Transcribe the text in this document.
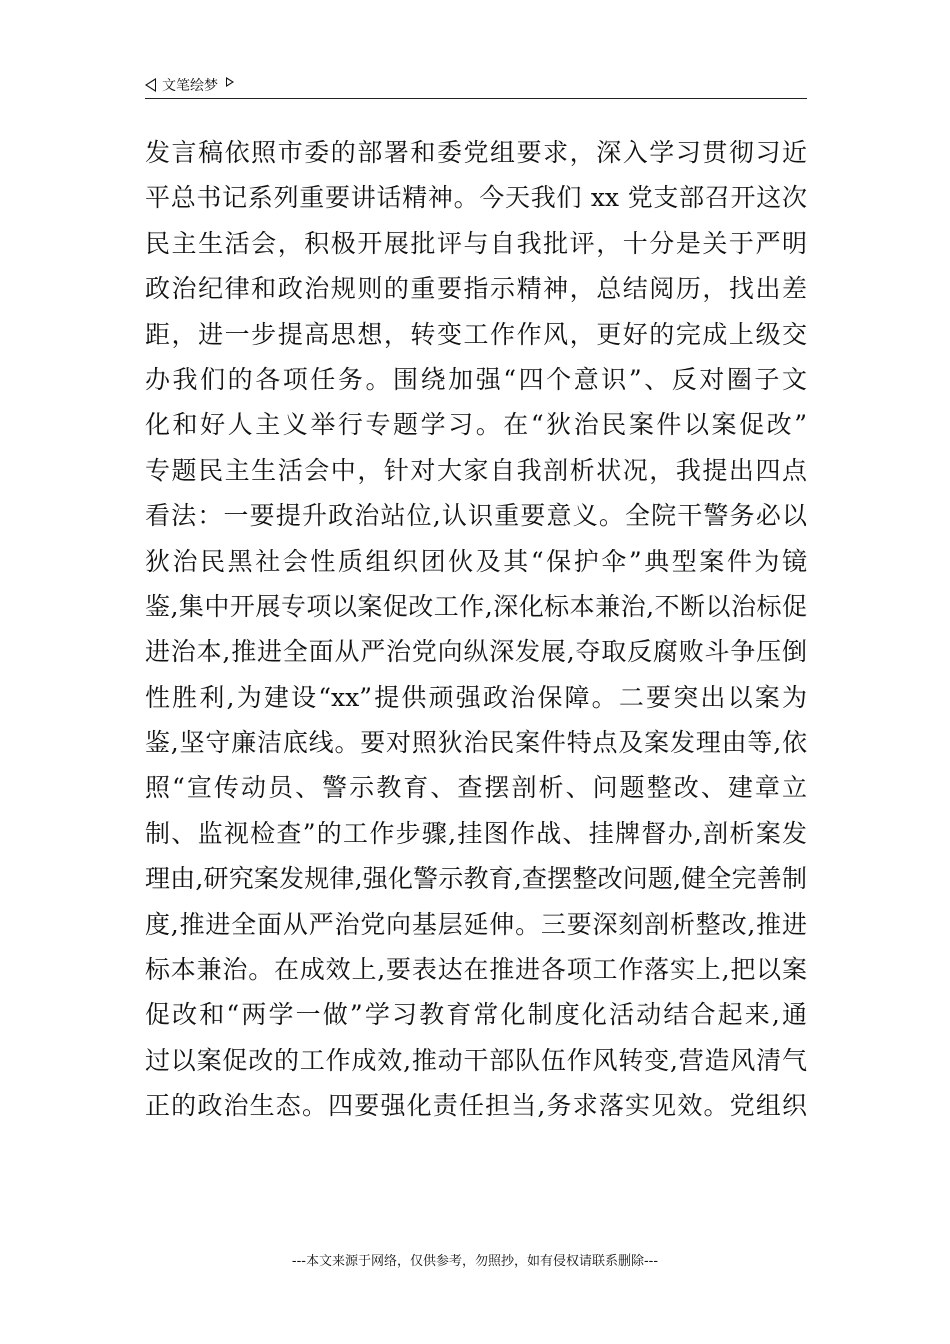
文笔绘梦
发言稿依照市委的部署和委党组要求，深入学习贯彻习近
平总书记系列重要讲话精神。今天我们 xx 党支部召开这次
民主生活会，积极开展批评与自我批评，十分是关于严明
政治纪律和政治规则的重要指示精神，总结阅历，找出差
距，进一步提高思想，转变工作作风，更好的完成上级交
办我们的各项任务。围绕加强“四个意识”、反对圈子文
化和好人主义举行专题学习。在“狄治民案件以案促改”
专题民主生活会中，针对大家自我剖析状况，我提出四点
看法：一要提升政治站位,认识重要意义。全院干警务必以
狄治民黑社会性质组织团伙及其“保护伞”典型案件为镜
鉴,集中开展专项以案促改工作,深化标本兼治,不断以治标促
进治本,推进全面从严治党向纵深发展,夺取反腐败斗争压倒
性胜利,为建设“xx”提供顽强政治保障。二要突出以案为
鉴,坚守廉洁底线。要对照狄治民案件特点及案发理由等,依
照“宣传动员、警示教育、查摆剖析、问题整改、建章立
制、监视检查”的工作步骤,挂图作战、挂牌督办,剖析案发
理由,研究案发规律,强化警示教育,查摆整改问题,健全完善制
度,推进全面从严治党向基层延伸。三要深刻剖析整改,推进
标本兼治。在成效上,要表达在推进各项工作落实上,把以案
促改和“两学一做”学习教育常化制度化活动结合起来,通
过以案促改的工作成效,推动干部队伍作风转变,营造风清气
正的政治生态。四要强化责任担当,务求落实见效。党组织
---本文来源于网络，仅供参考，勿照抄，如有侵权请联系删除---
